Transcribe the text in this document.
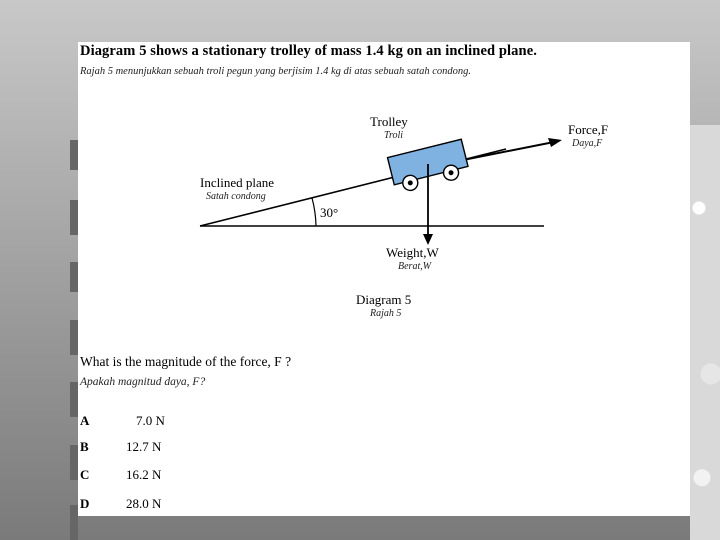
Diagram 5 shows a stationary trolley of mass 1.4 kg on an inclined plane.
Rajah 5 menunjukkan sebuah troli pegun yang berjisim 1.4 kg di atas sebuah satah condong.
Trolley
Troli	Force,F
Daya,F
Inclined plane
Satah condong
30°
Weight,W
Berat,W
Diagram 5
Rajah 5
What is the magnitude of the force, F ?
Apakah magnitud daya, F?
A	7.0 N
B	12.7 N
C	16.2 N
D	28.0 N
